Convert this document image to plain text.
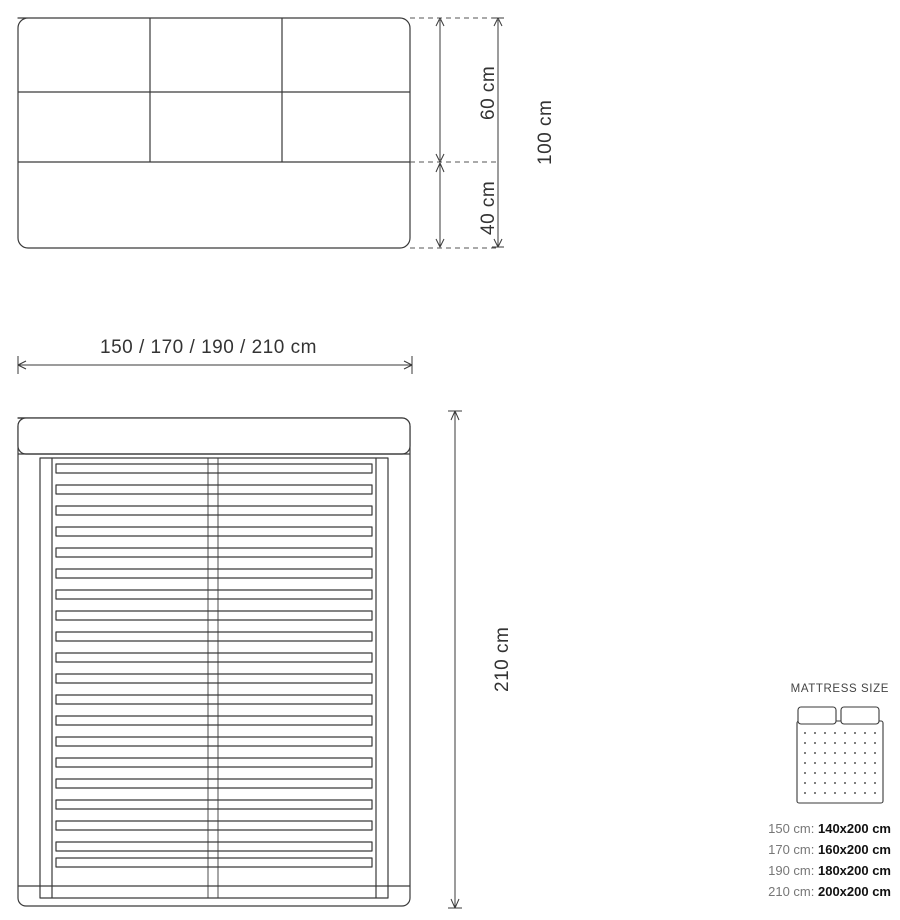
60 cm
40 cm
100 cm
150 / 170 / 190 / 210 cm
210 cm	MATTRESS SIZE
150 cm: 140x200 cm
170 cm: 160x200 cm
190 cm: 180x200 cm
210 cm: 200x200 cm
